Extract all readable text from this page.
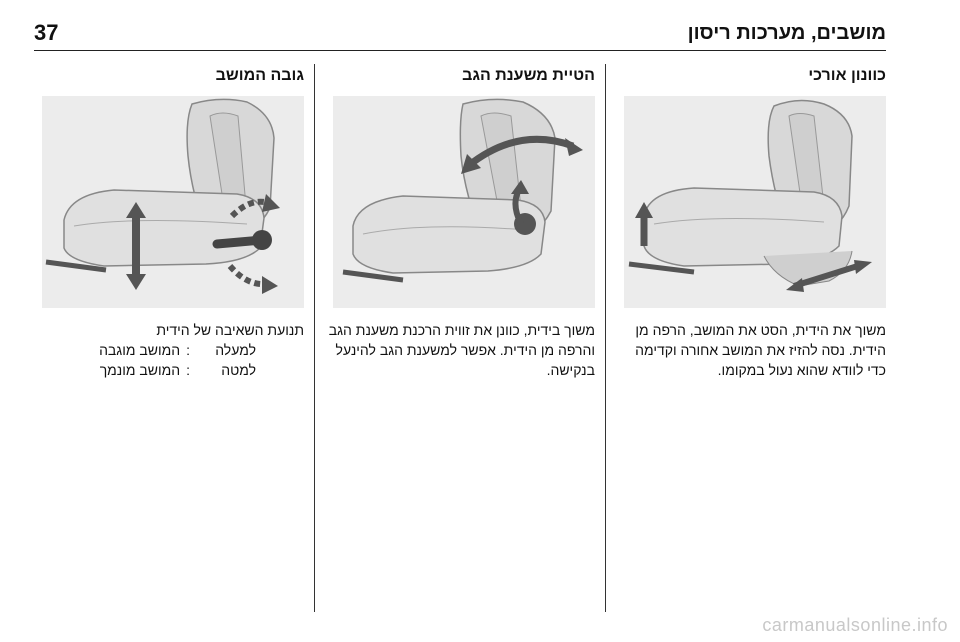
37	מושבים, מערכות ריסון
כוונון אורכי
משוך את הידית, הסט את המושב, הרפה מן הידית. נסה להזיז את המושב אחורה וקדימה כדי לוודא שהוא נעול במקומו.
הטיית משענת הגב
משוך בידית, כוונן את זווית הרכנת משענת הגב והרפה מן הידית. אפשר למשענת הגב להינעל בנקישה.
גובה המושב
תנועת השאיבה של הידית
למעלה
:
המושב מוגבה
למטה
:
המושב מונמך
carmanualsonline.info
